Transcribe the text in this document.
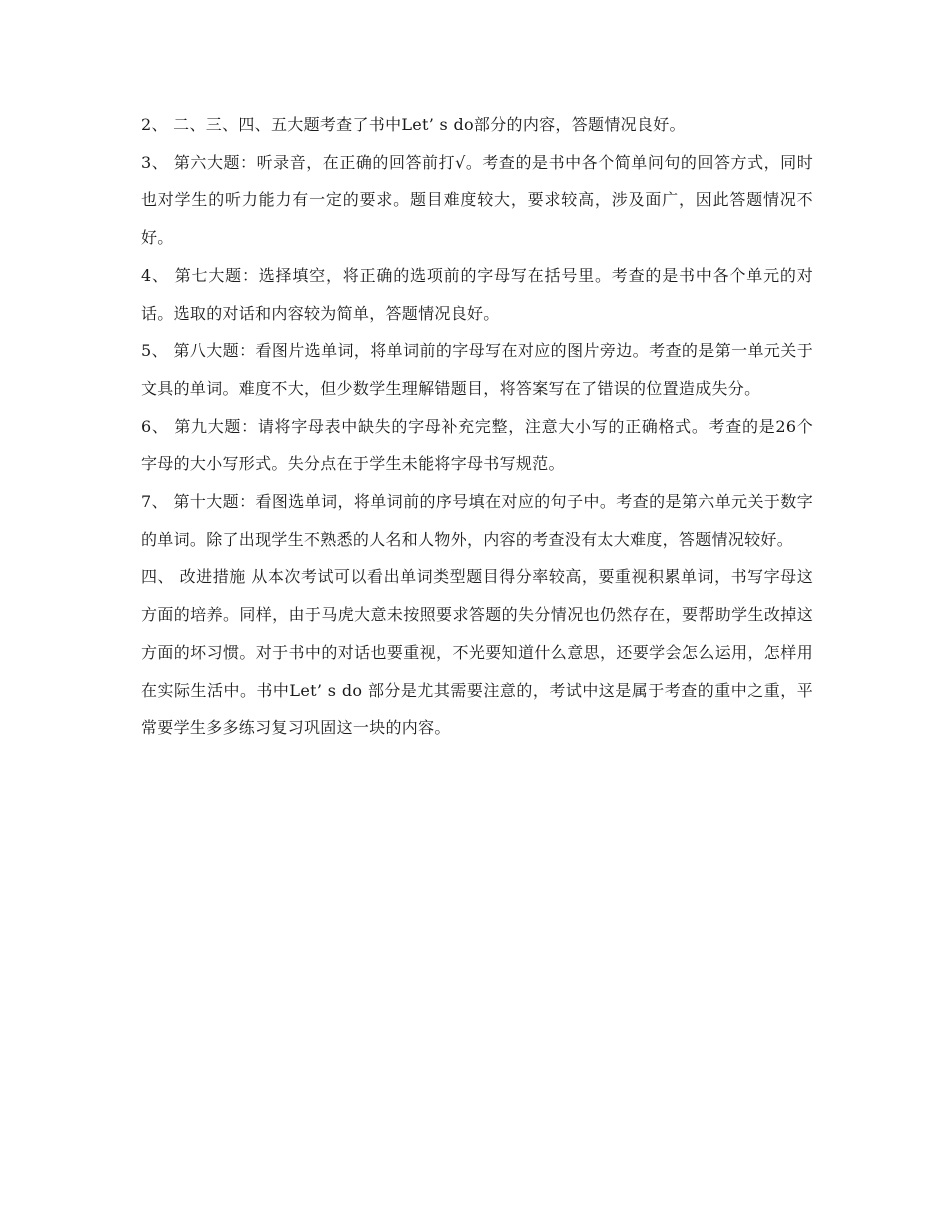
2、 二、三、四、五大题考查了书中Let’ s do部分的内容，答题情况良好。

3、 第六大题：听录音，在正确的回答前打√。考查的是书中各个简单问句的回答方式，同时也对学生的听力能力有一定的要求。题目难度较大，要求较高，涉及面广，因此答题情况不好。

4、 第七大题：选择填空，将正确的选项前的字母写在括号里。考查的是书中各个单元的对话。选取的对话和内容较为简单，答题情况良好。

5、 第八大题：看图片选单词，将单词前的字母写在对应的图片旁边。考查的是第一单元关于文具的单词。难度不大，但少数学生理解错题目，将答案写在了错误的位置造成失分。

6、 第九大题：请将字母表中缺失的字母补充完整，注意大小写的正确格式。考查的是26个字母的大小写形式。失分点在于学生未能将字母书写规范。

7、 第十大题：看图选单词，将单词前的序号填在对应的句子中。考查的是第六单元关于数字的单词。除了出现学生不熟悉的人名和人物外，内容的考查没有太大难度，答题情况较好。

四、 改进措施 从本次考试可以看出单词类型题目得分率较高，要重视积累单词，书写字母这方面的培养。同样，由于马虎大意未按照要求答题的失分情况也仍然存在，要帮助学生改掉这方面的坏习惯。对于书中的对话也要重视，不光要知道什么意思，还要学会怎么运用，怎样用在实际生活中。书中Let’ s do 部分是尤其需要注意的，考试中这是属于考查的重中之重，平常要学生多多练习复习巩固这一块的内容。
